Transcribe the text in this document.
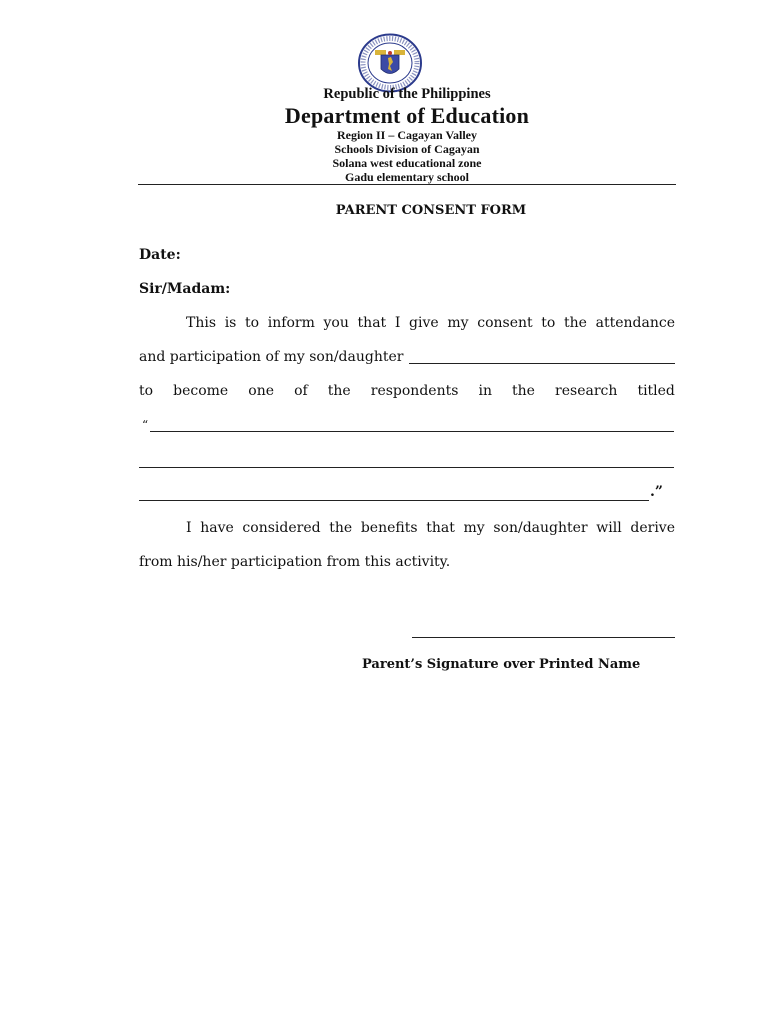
Republic of the Philippines
Department of Education
Region II – Cagayan Valley
Schools Division of Cagayan
Solana west educational zone
Gadu elementary school
PARENT CONSENT FORM
Date:
Sir/Madam:
This is to inform you that I give my consent to the attendance
and participation of my son/daughter
to become one of the respondents in the research titled
“
.”
I have considered the benefits that my son/daughter will derive
from his/her participation from this activity.
Parent’s Signature over Printed Name
